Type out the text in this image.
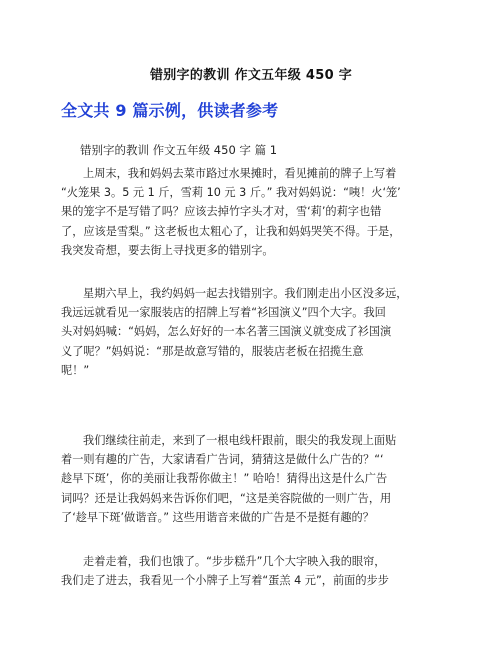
错别字的教训 作文五年级 450 字
全文共 9 篇示例，供读者参考
错别字的教训 作文五年级 450 字 篇 1
上周末，我和妈妈去菜市路过水果摊时，看见摊前的牌子上写着
“火笼果 3。5 元 1 斤，雪莉 10 元 3 斤。” 我对妈妈说：“咦！火‘笼’
果的笼字不是写错了吗？应该去掉竹字头才对，雪‘莉’的莉字也错
了，应该是雪梨。” 这老板也太粗心了，让我和妈妈哭笑不得。于是，
我突发奇想，要去街上寻找更多的错别字。
星期六早上，我约妈妈一起去找错别字。我们刚走出小区没多远，
我远远就看见一家服装店的招牌上写着“衫国演义”四个大字。我回
头对妈妈喊：“妈妈，怎么好好的一本名著三国演义就变成了衫国演
义了呢？”妈妈说：“那是故意写错的，服装店老板在招揽生意
呢！”
我们继续往前走，来到了一根电线杆跟前，眼尖的我发现上面贴
着一则有趣的广告，大家请看广告词，猜猜这是做什么广告的？“‘
趁早下斑’，你的美丽让我帮你做主！” 哈哈！猜得出这是什么广告
词吗？还是让我妈妈来告诉你们吧，“这是美容院做的一则广告，用
了‘趁早下斑’做谐音。” 这些用谐音来做的广告是不是挺有趣的？
走着走着，我们也饿了。“步步糕升”几个大字映入我的眼帘，
我们走了进去，我看见一个小牌子上写着“蛋羔 4 元”，前面的步步
